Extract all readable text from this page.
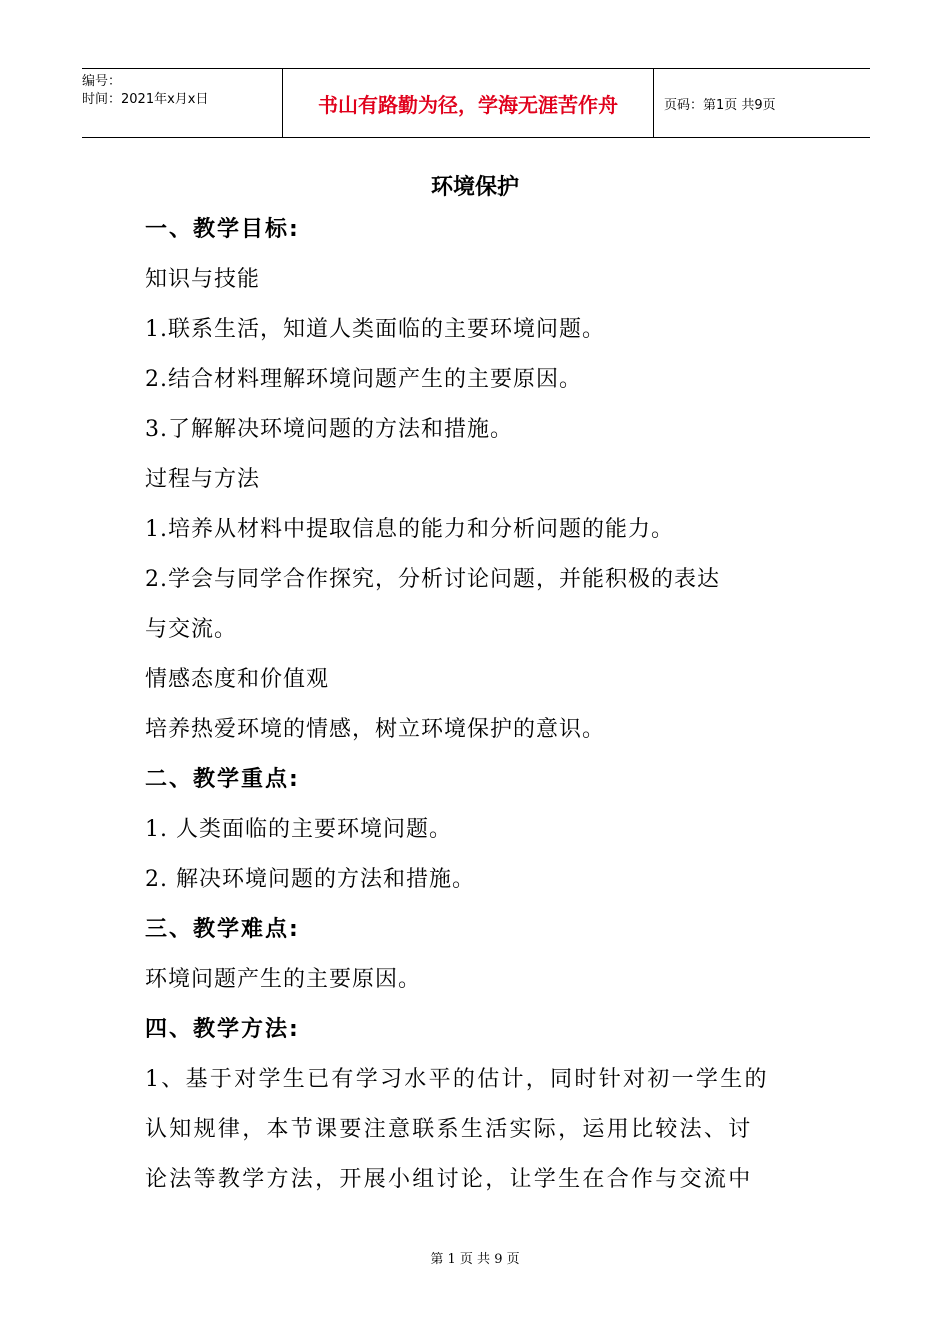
编号：
时间：2021年x月x日	书山有路勤为径，学海无涯苦作舟	页码：第1页 共9页
环境保护
一、教学目标:
知识与技能
1.联系生活，知道人类面临的主要环境问题。
2.结合材料理解环境问题产生的主要原因。
3.了解解决环境问题的方法和措施。
过程与方法
1.培养从材料中提取信息的能力和分析问题的能力。
2.学会与同学合作探究，分析讨论问题，并能积极的表达
与交流。
情感态度和价值观
培养热爱环境的情感，树立环境保护的意识。
二、教学重点:
1. 人类面临的主要环境问题。
2. 解决环境问题的方法和措施。
三、教学难点:
环境问题产生的主要原因。
四、教学方法:
1、基于对学生已有学习水平的估计，同时针对初一学生的
认知规律，本节课要注意联系生活实际，运用比较法、讨
论法等教学方法，开展小组讨论，让学生在合作与交流中
第 1 页 共 9 页
